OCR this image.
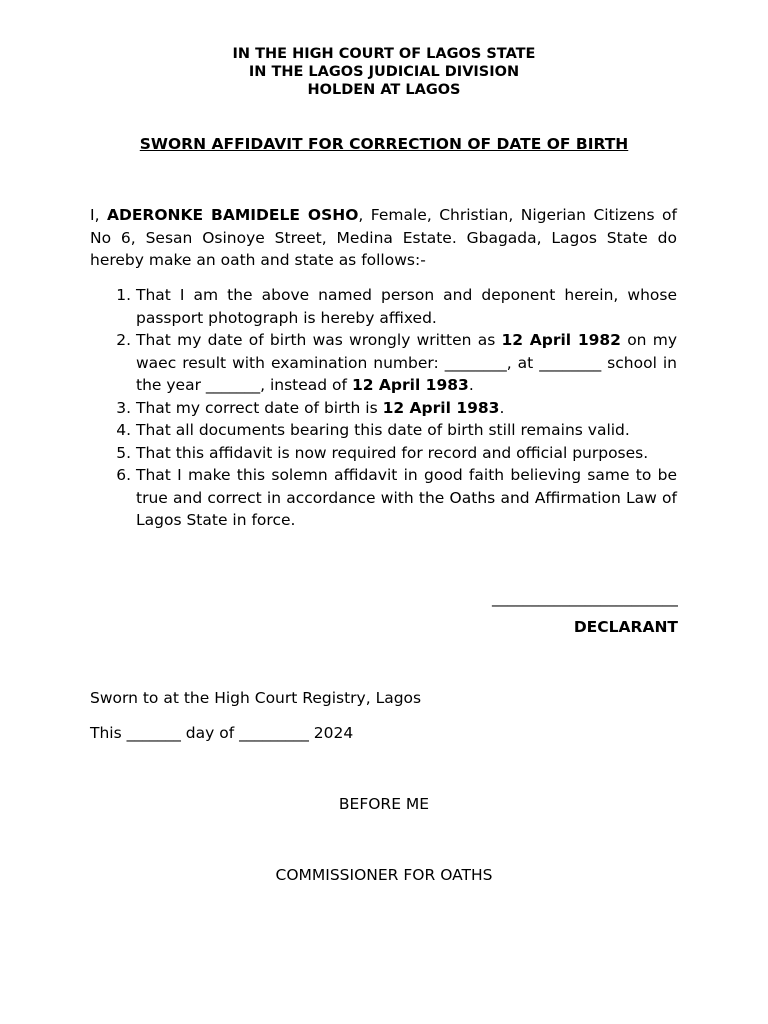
IN THE HIGH COURT OF LAGOS STATE
IN THE LAGOS JUDICIAL DIVISION
HOLDEN AT LAGOS
SWORN AFFIDAVIT FOR CORRECTION OF DATE OF BIRTH
I, ADERONKE BAMIDELE OSHO, Female, Christian, Nigerian Citizens of No 6, Sesan Osinoye Street, Medina Estate. Gbagada, Lagos State do hereby make an oath and state as follows:-
1. That I am the above named person and deponent herein, whose passport photograph is hereby affixed.
2. That my date of birth was wrongly written as 12 April 1982 on my waec result with examination number: ________, at ________ school in the year _______, instead of 12 April 1983.
3. That my correct date of birth is 12 April 1983.
4. That all documents bearing this date of birth still remains valid.
5. That this affidavit is now required for record and official purposes.
6. That I make this solemn affidavit in good faith believing same to be true and correct in accordance with the Oaths and Affirmation Law of Lagos State in force.
________________________
DECLARANT
Sworn to at the High Court Registry, Lagos
This _______ day of _________ 2024
BEFORE ME
COMMISSIONER FOR OATHS
